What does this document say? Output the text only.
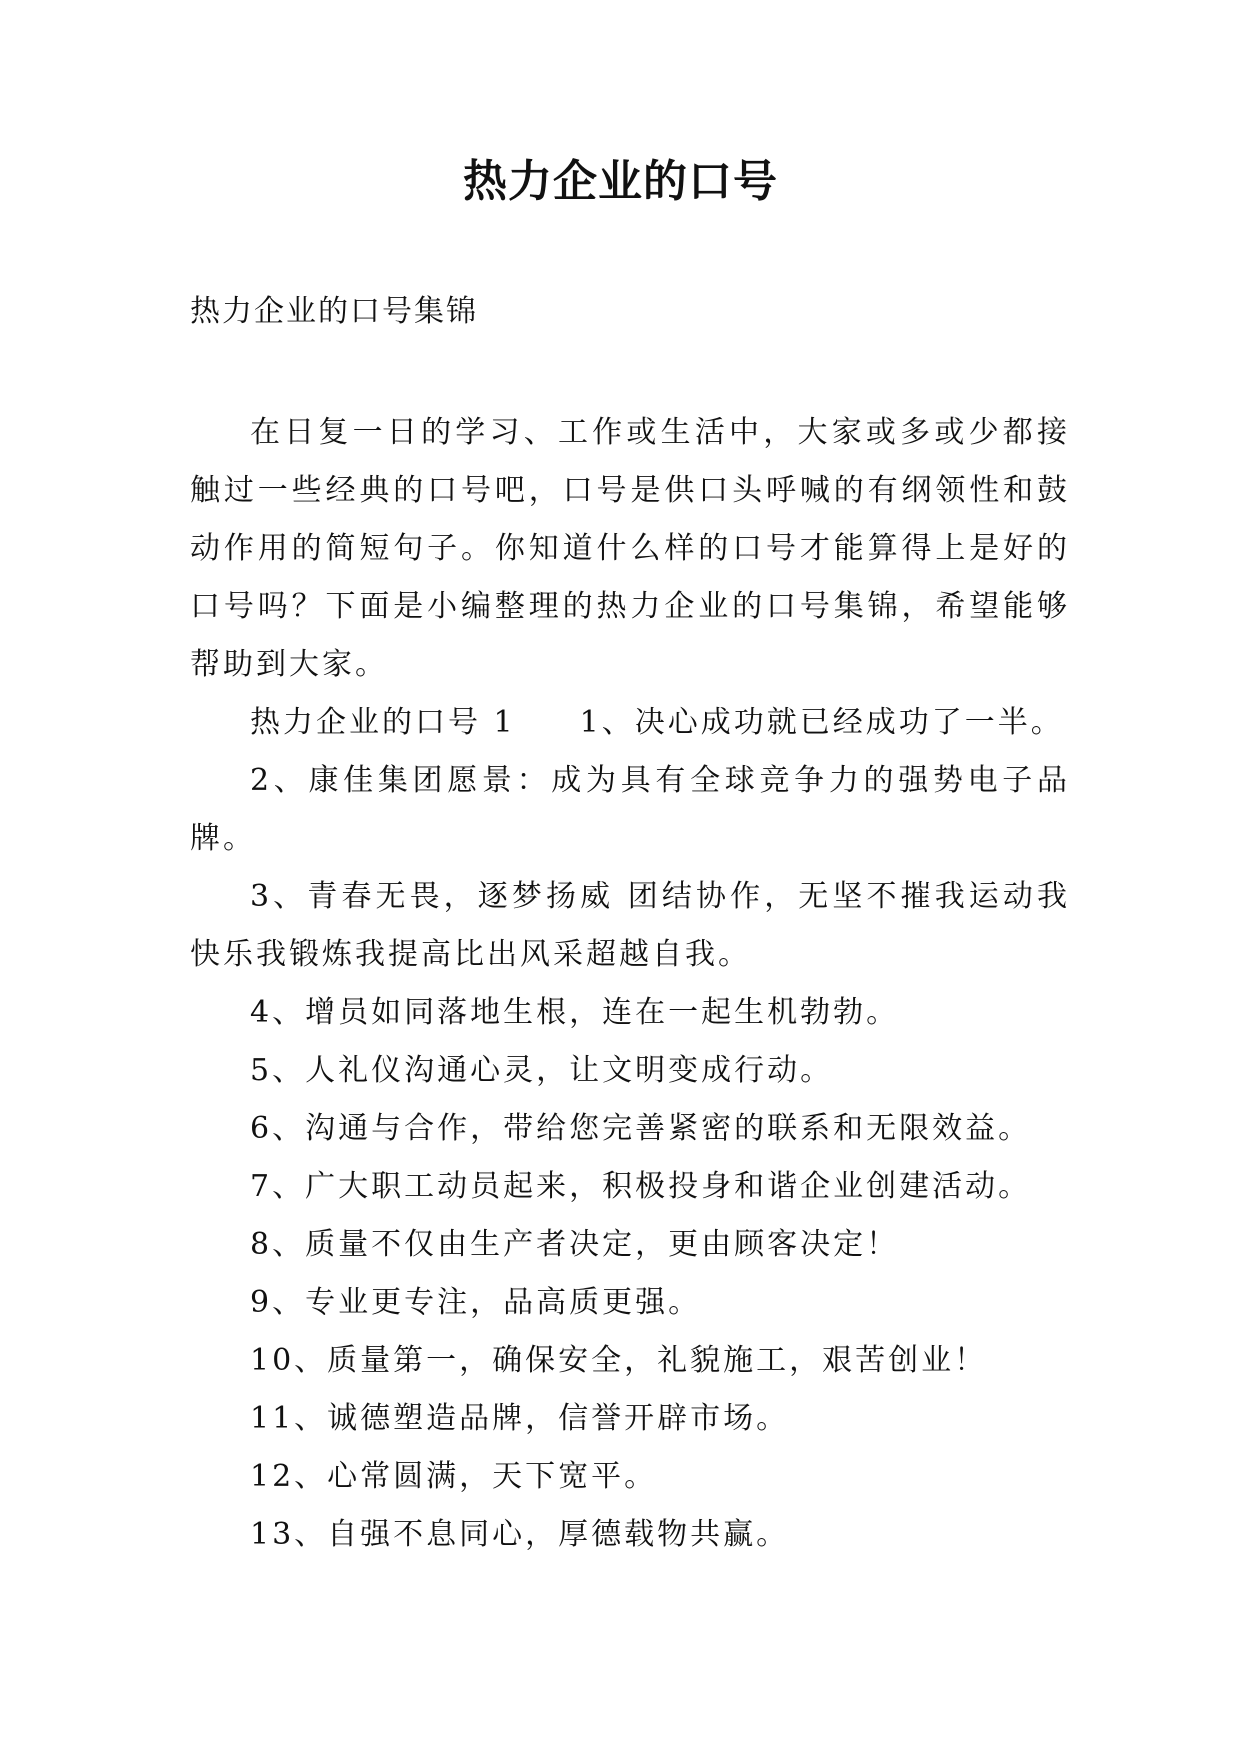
热力企业的口号
热力企业的口号集锦

在日复一日的学习、工作或生活中，大家或多或少都接触过一些经典的口号吧，口号是供口头呼喊的有纲领性和鼓动作用的简短句子。你知道什么样的口号才能算得上是好的口号吗？下面是小编整理的热力企业的口号集锦，希望能够帮助到大家。

热力企业的口号 1 1、决心成功就已经成功了一半。

2、康佳集团愿景：成为具有全球竞争力的强势电子品牌。

3、青春无畏，逐梦扬威 团结协作，无坚不摧我运动我快乐我锻炼我提高比出风采超越自我。

4、增员如同落地生根，连在一起生机勃勃。

5、人礼仪沟通心灵，让文明变成行动。

6、沟通与合作，带给您完善紧密的联系和无限效益。

7、广大职工动员起来，积极投身和谐企业创建活动。

8、质量不仅由生产者决定，更由顾客决定！

9、专业更专注，品高质更强。

10、质量第一，确保安全，礼貌施工，艰苦创业！

11、诚德塑造品牌，信誉开辟市场。

12、心常圆满，天下宽平。

13、自强不息同心，厚德载物共赢。
